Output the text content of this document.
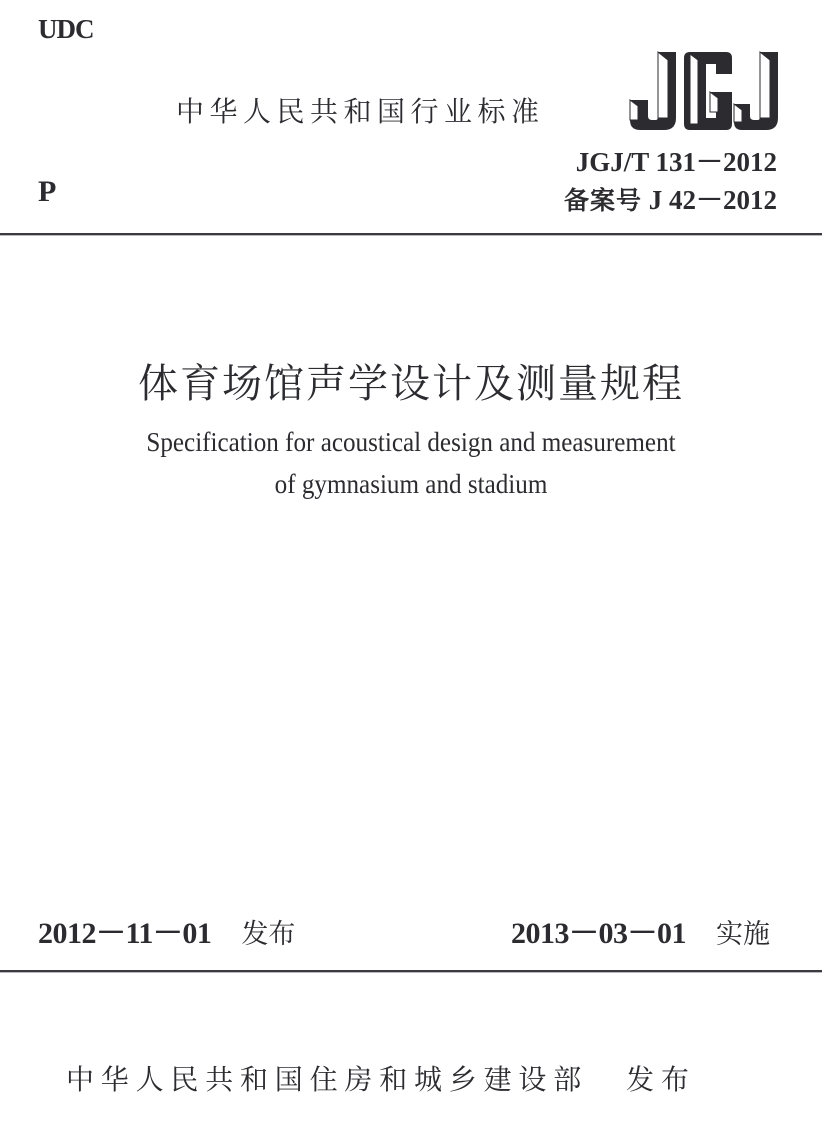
UDC
中华人民共和国行业标准
JGJ/T 131－2012
备案号 J 42－2012
P
体育场馆声学设计及测量规程
Specification for acoustical design and measurement
of gymnasium and stadium
2012－11－01 发布	2013－03－01 实施
中华人民共和国住房和城乡建设部 发布
